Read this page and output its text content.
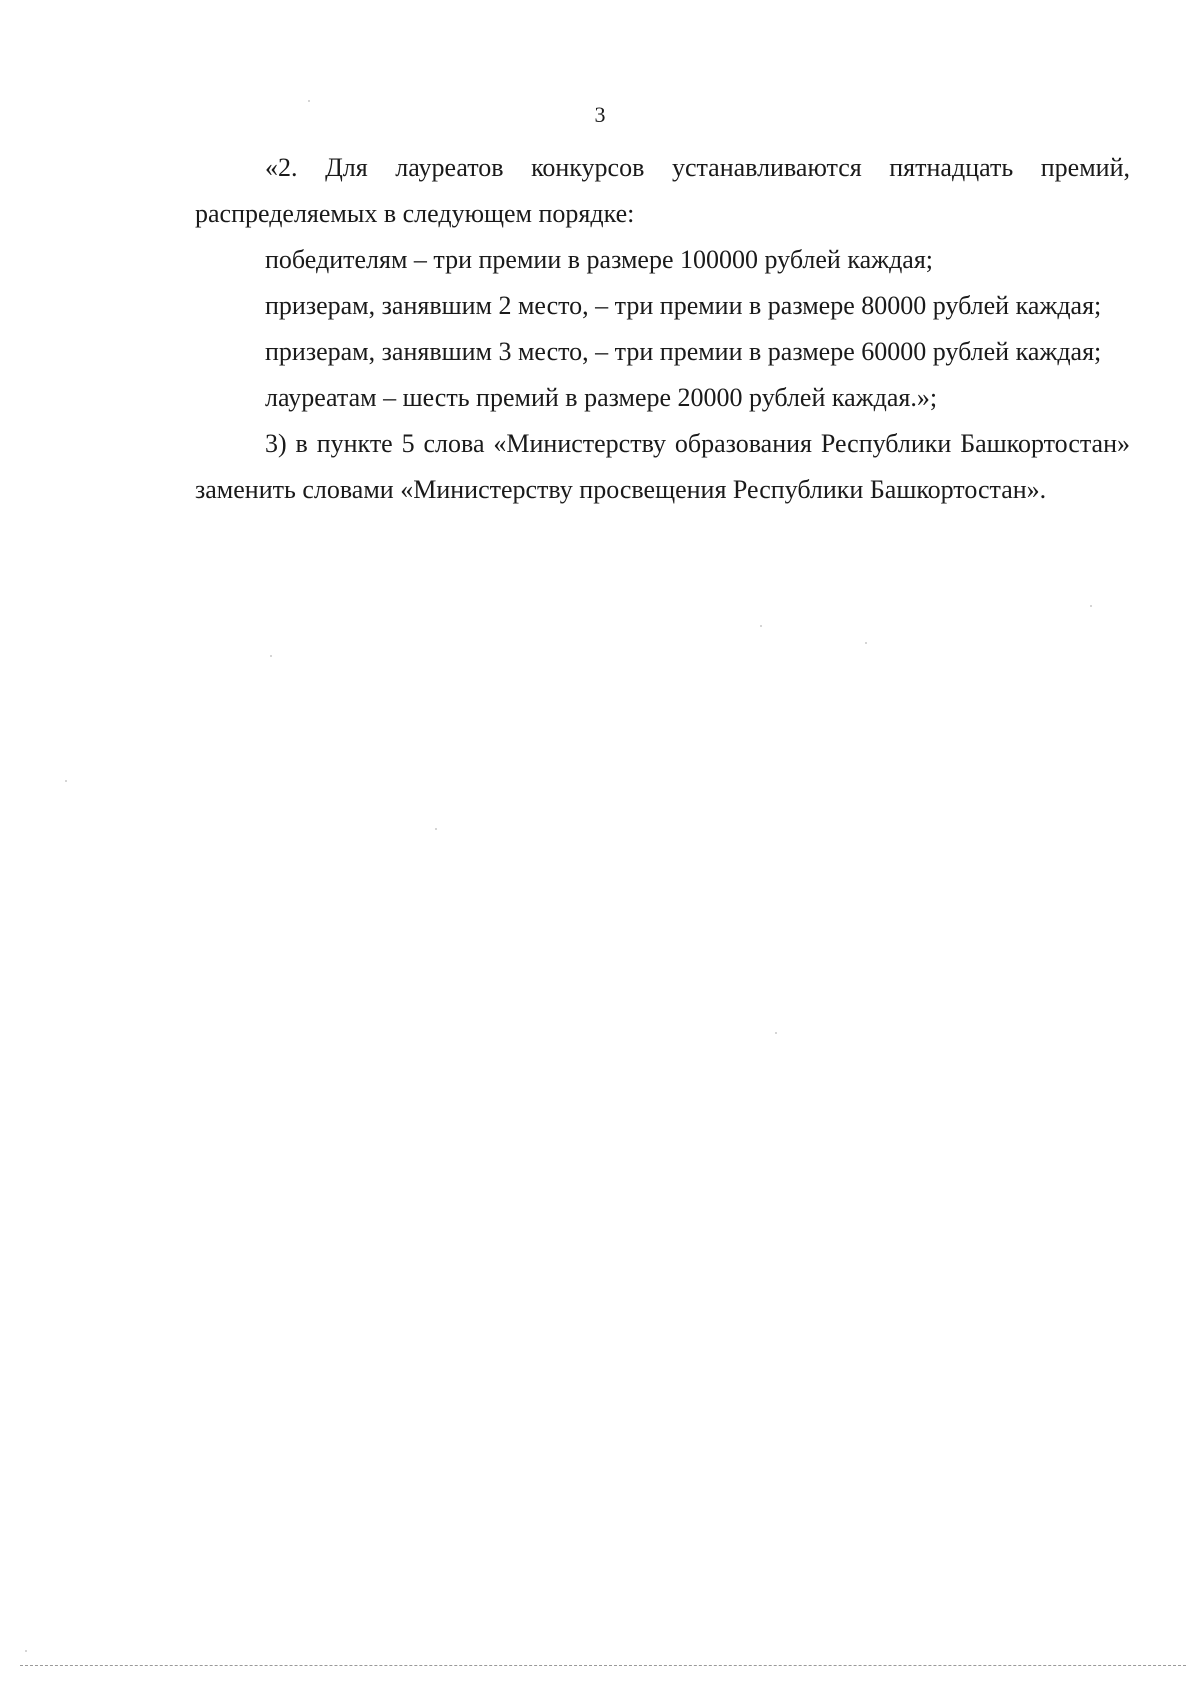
3

«2. Для лауреатов конкурсов устанавливаются пятнадцать премий, распределяемых в следующем порядке:

победителям – три премии в размере 100000 рублей каждая;

призерам, занявшим 2 место, – три премии в размере 80000 рублей каждая;

призерам, занявшим 3 место, – три премии в размере 60000 рублей каждая;

лауреатам – шесть премий в размере 20000 рублей каждая.»;

3) в пункте 5 слова «Министерству образования Республики Башкортостан» заменить словами «Министерству просвещения Республики Башкортостан».
